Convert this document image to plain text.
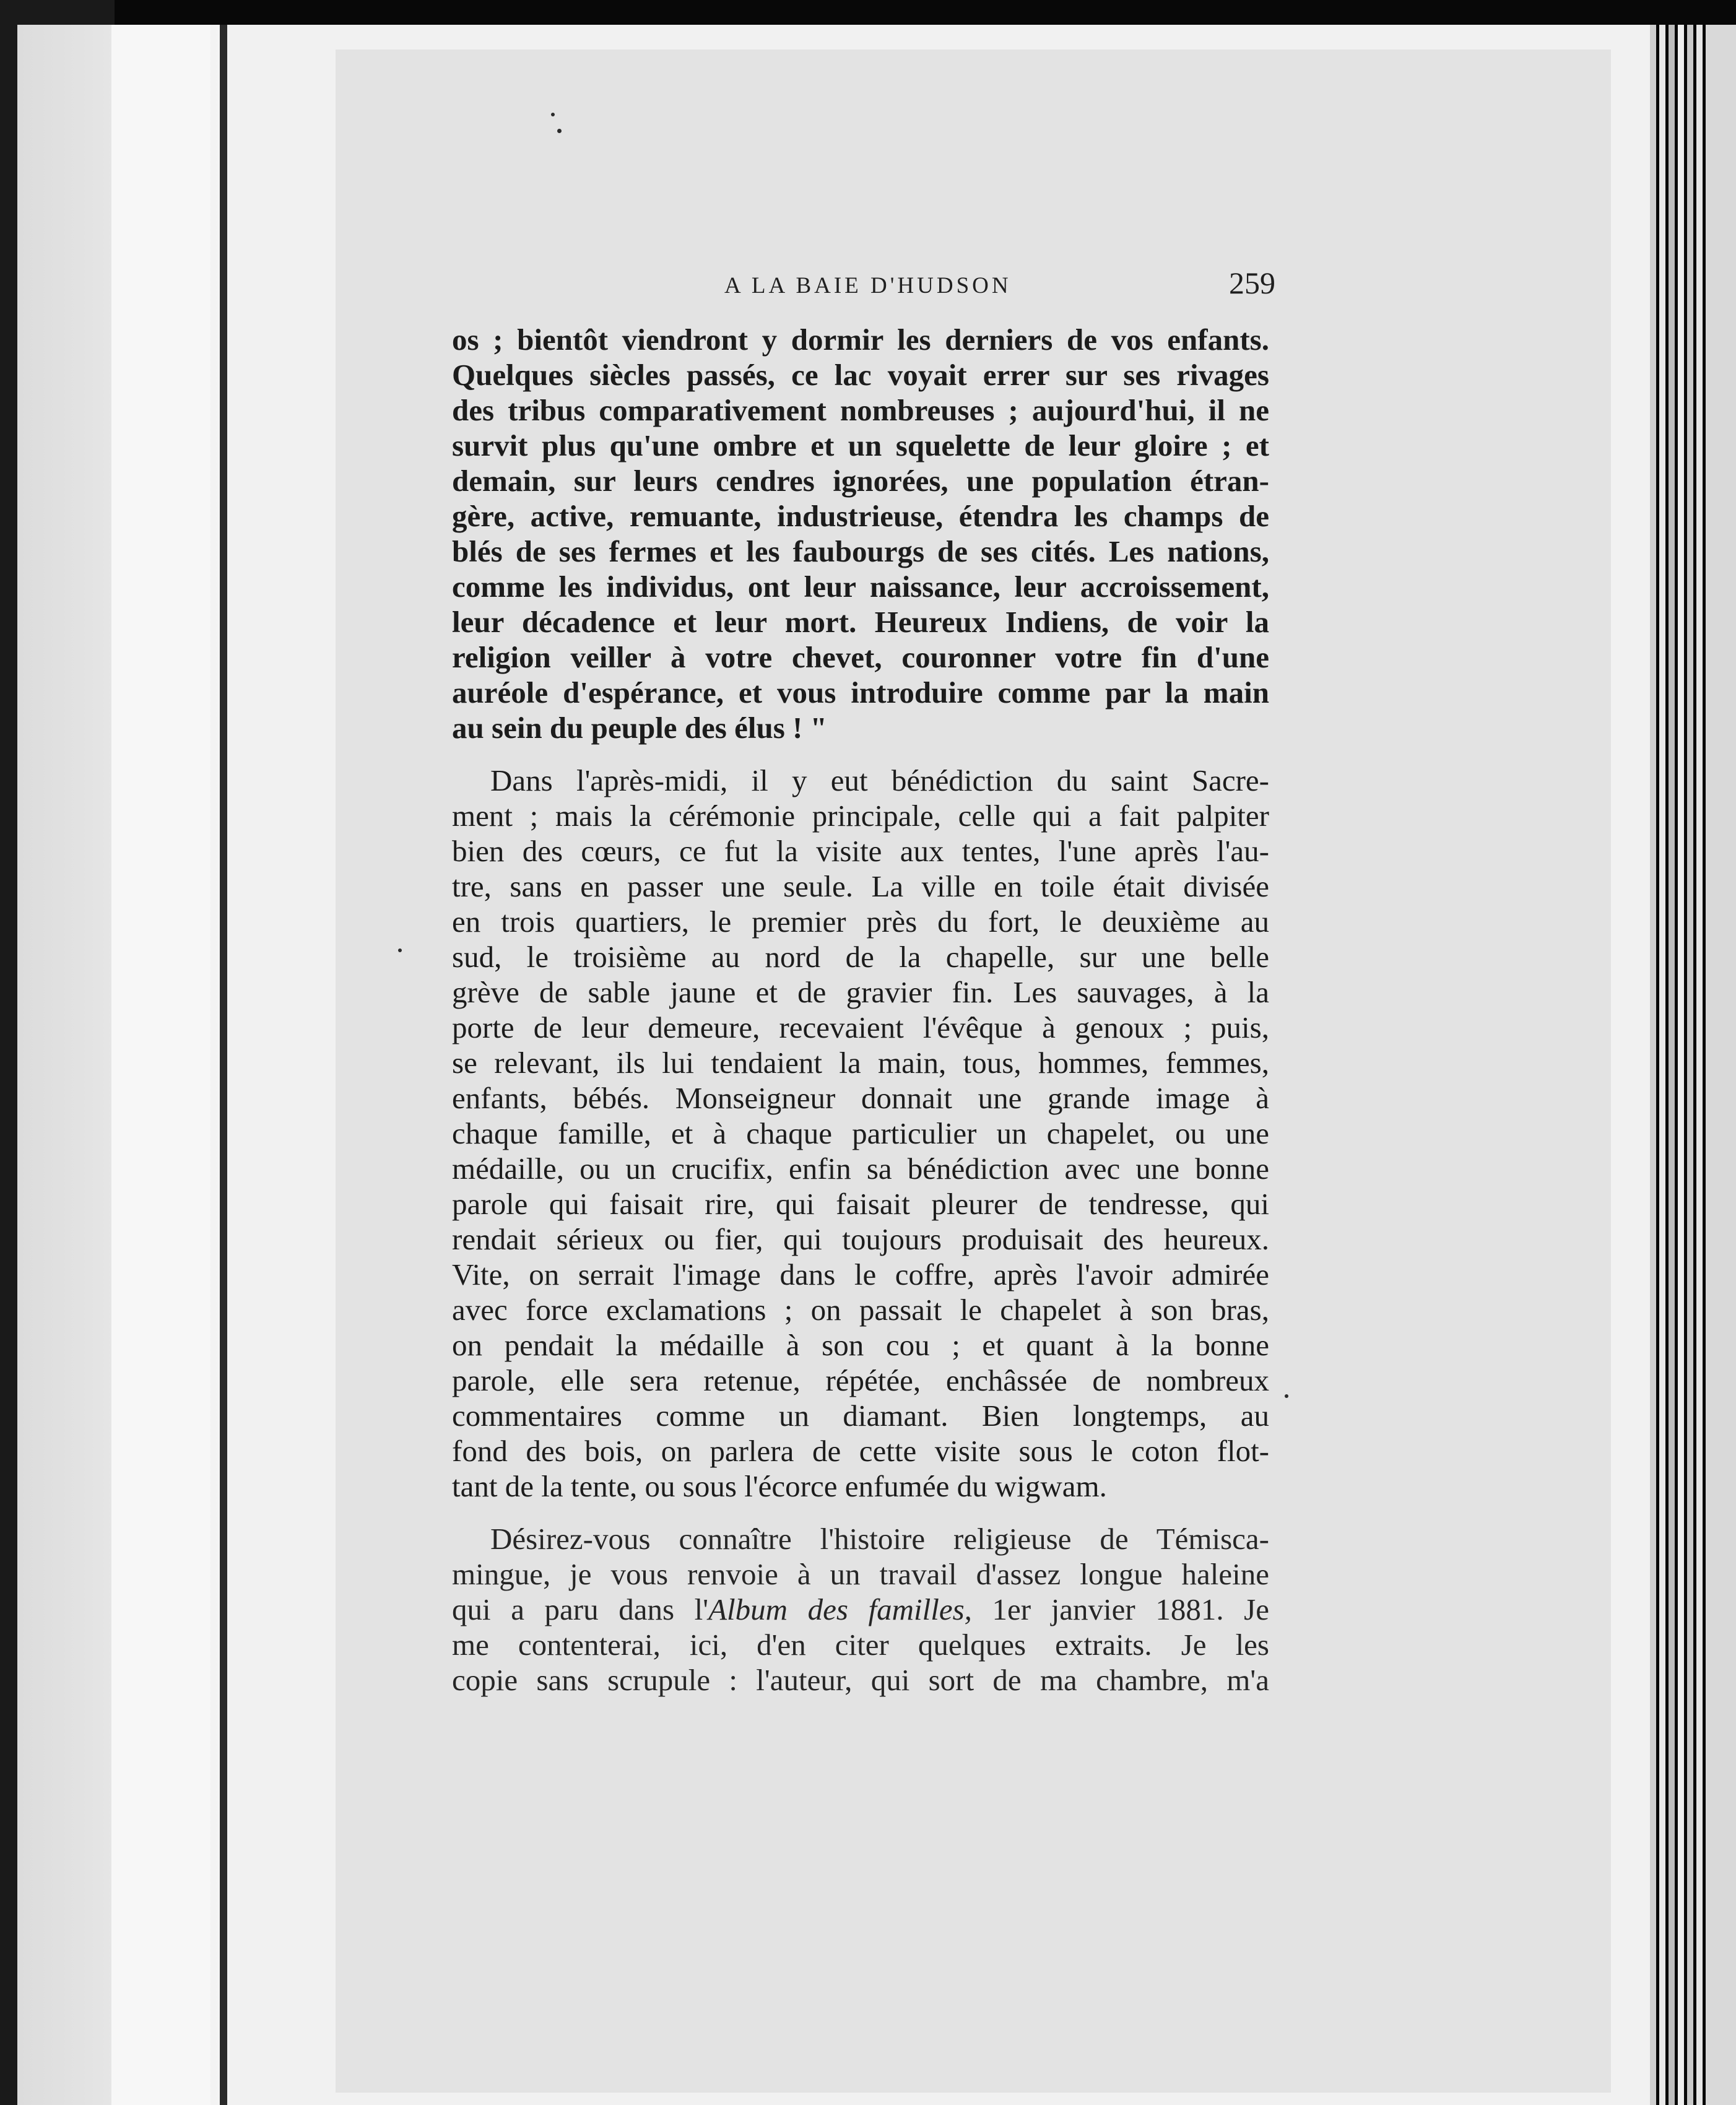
A LA BAIE D'HUDSON	259
os ; bientôt viendront y dormir les derniers de vos enfants.
Quelques siècles passés, ce lac voyait errer sur ses rivages
des tribus comparativement nombreuses ; aujourd'hui, il ne
survit plus qu'une ombre et un squelette de leur gloire ; et
demain, sur leurs cendres ignorées, une population étran-
gère, active, remuante, industrieuse, étendra les champs de
blés de ses fermes et les faubourgs de ses cités. Les nations,
comme les individus, ont leur naissance, leur accroissement,
leur décadence et leur mort. Heureux Indiens, de voir la
religion veiller à votre chevet, couronner votre fin d'une
auréole d'espérance, et vous introduire comme par la main
au sein du peuple des élus ! "
Dans l'après-midi, il y eut bénédiction du saint Sacre-
ment ; mais la cérémonie principale, celle qui a fait palpiter
bien des cœurs, ce fut la visite aux tentes, l'une après l'au-
tre, sans en passer une seule. La ville en toile était divisée
en trois quartiers, le premier près du fort, le deuxième au
sud, le troisième au nord de la chapelle, sur une belle
grève de sable jaune et de gravier fin. Les sauvages, à la
porte de leur demeure, recevaient l'évêque à genoux ; puis,
se relevant, ils lui tendaient la main, tous, hommes, femmes,
enfants, bébés. Monseigneur donnait une grande image à
chaque famille, et à chaque particulier un chapelet, ou une
médaille, ou un crucifix, enfin sa bénédiction avec une bonne
parole qui faisait rire, qui faisait pleurer de tendresse, qui
rendait sérieux ou fier, qui toujours produisait des heureux.
Vite, on serrait l'image dans le coffre, après l'avoir admirée
avec force exclamations ; on passait le chapelet à son bras,
on pendait la médaille à son cou ; et quant à la bonne
parole, elle sera retenue, répétée, enchâssée de nombreux
commentaires comme un diamant. Bien longtemps, au
fond des bois, on parlera de cette visite sous le coton flot-
tant de la tente, ou sous l'écorce enfumée du wigwam.
Désirez-vous connaître l'histoire religieuse de Témisca-
mingue, je vous renvoie à un travail d'assez longue haleine
qui a paru dans l'Album des familles, 1er janvier 1881. Je
me contenterai, ici, d'en citer quelques extraits. Je les
copie sans scrupule : l'auteur, qui sort de ma chambre, m'a
